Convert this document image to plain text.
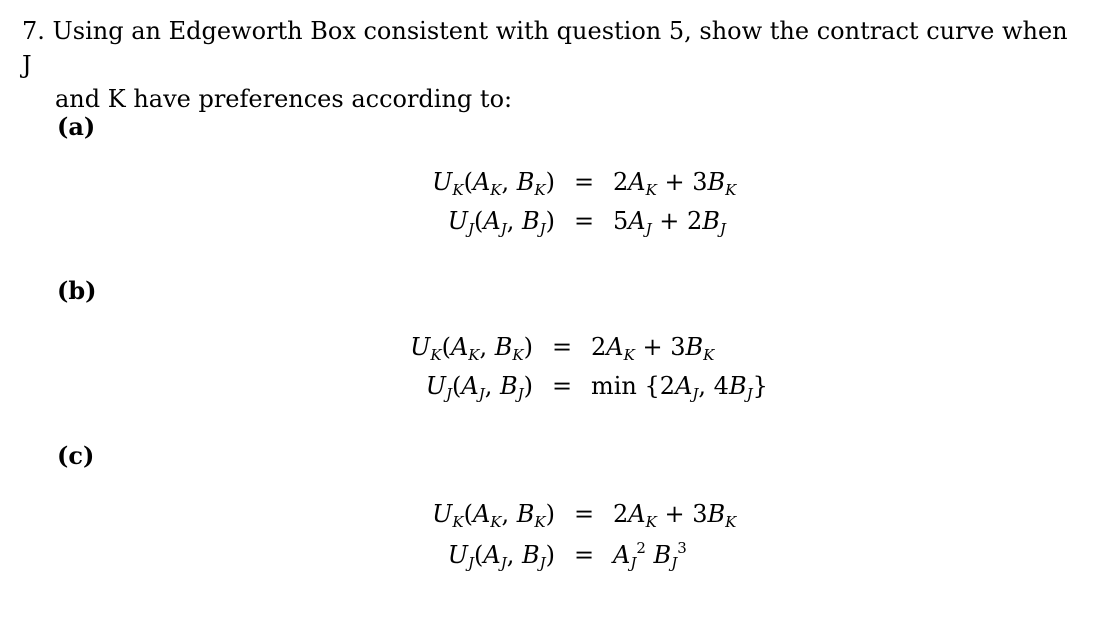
7. Using an Edgeworth Box consistent with question 5, show the contract curve when J

and K have preferences according to:
(a)
$U_K(A_K$, $B_K) = 2A_K + 3B_K$
$U_J(A_J$, $B_J) = 5A_J + 2B_J$
(b)
$U_K(A_K$, $B_K) = 2A_K + 3B_K$
$U_J(A_J$, $B_J) = \min \{2A_J$, $4B_J$}
(c)
$U_K(A_K$, $B_K) = 2A_K + 3B_K$
$U_J(A_J$, $B_J) = A_J^2$ $B_J^3$
